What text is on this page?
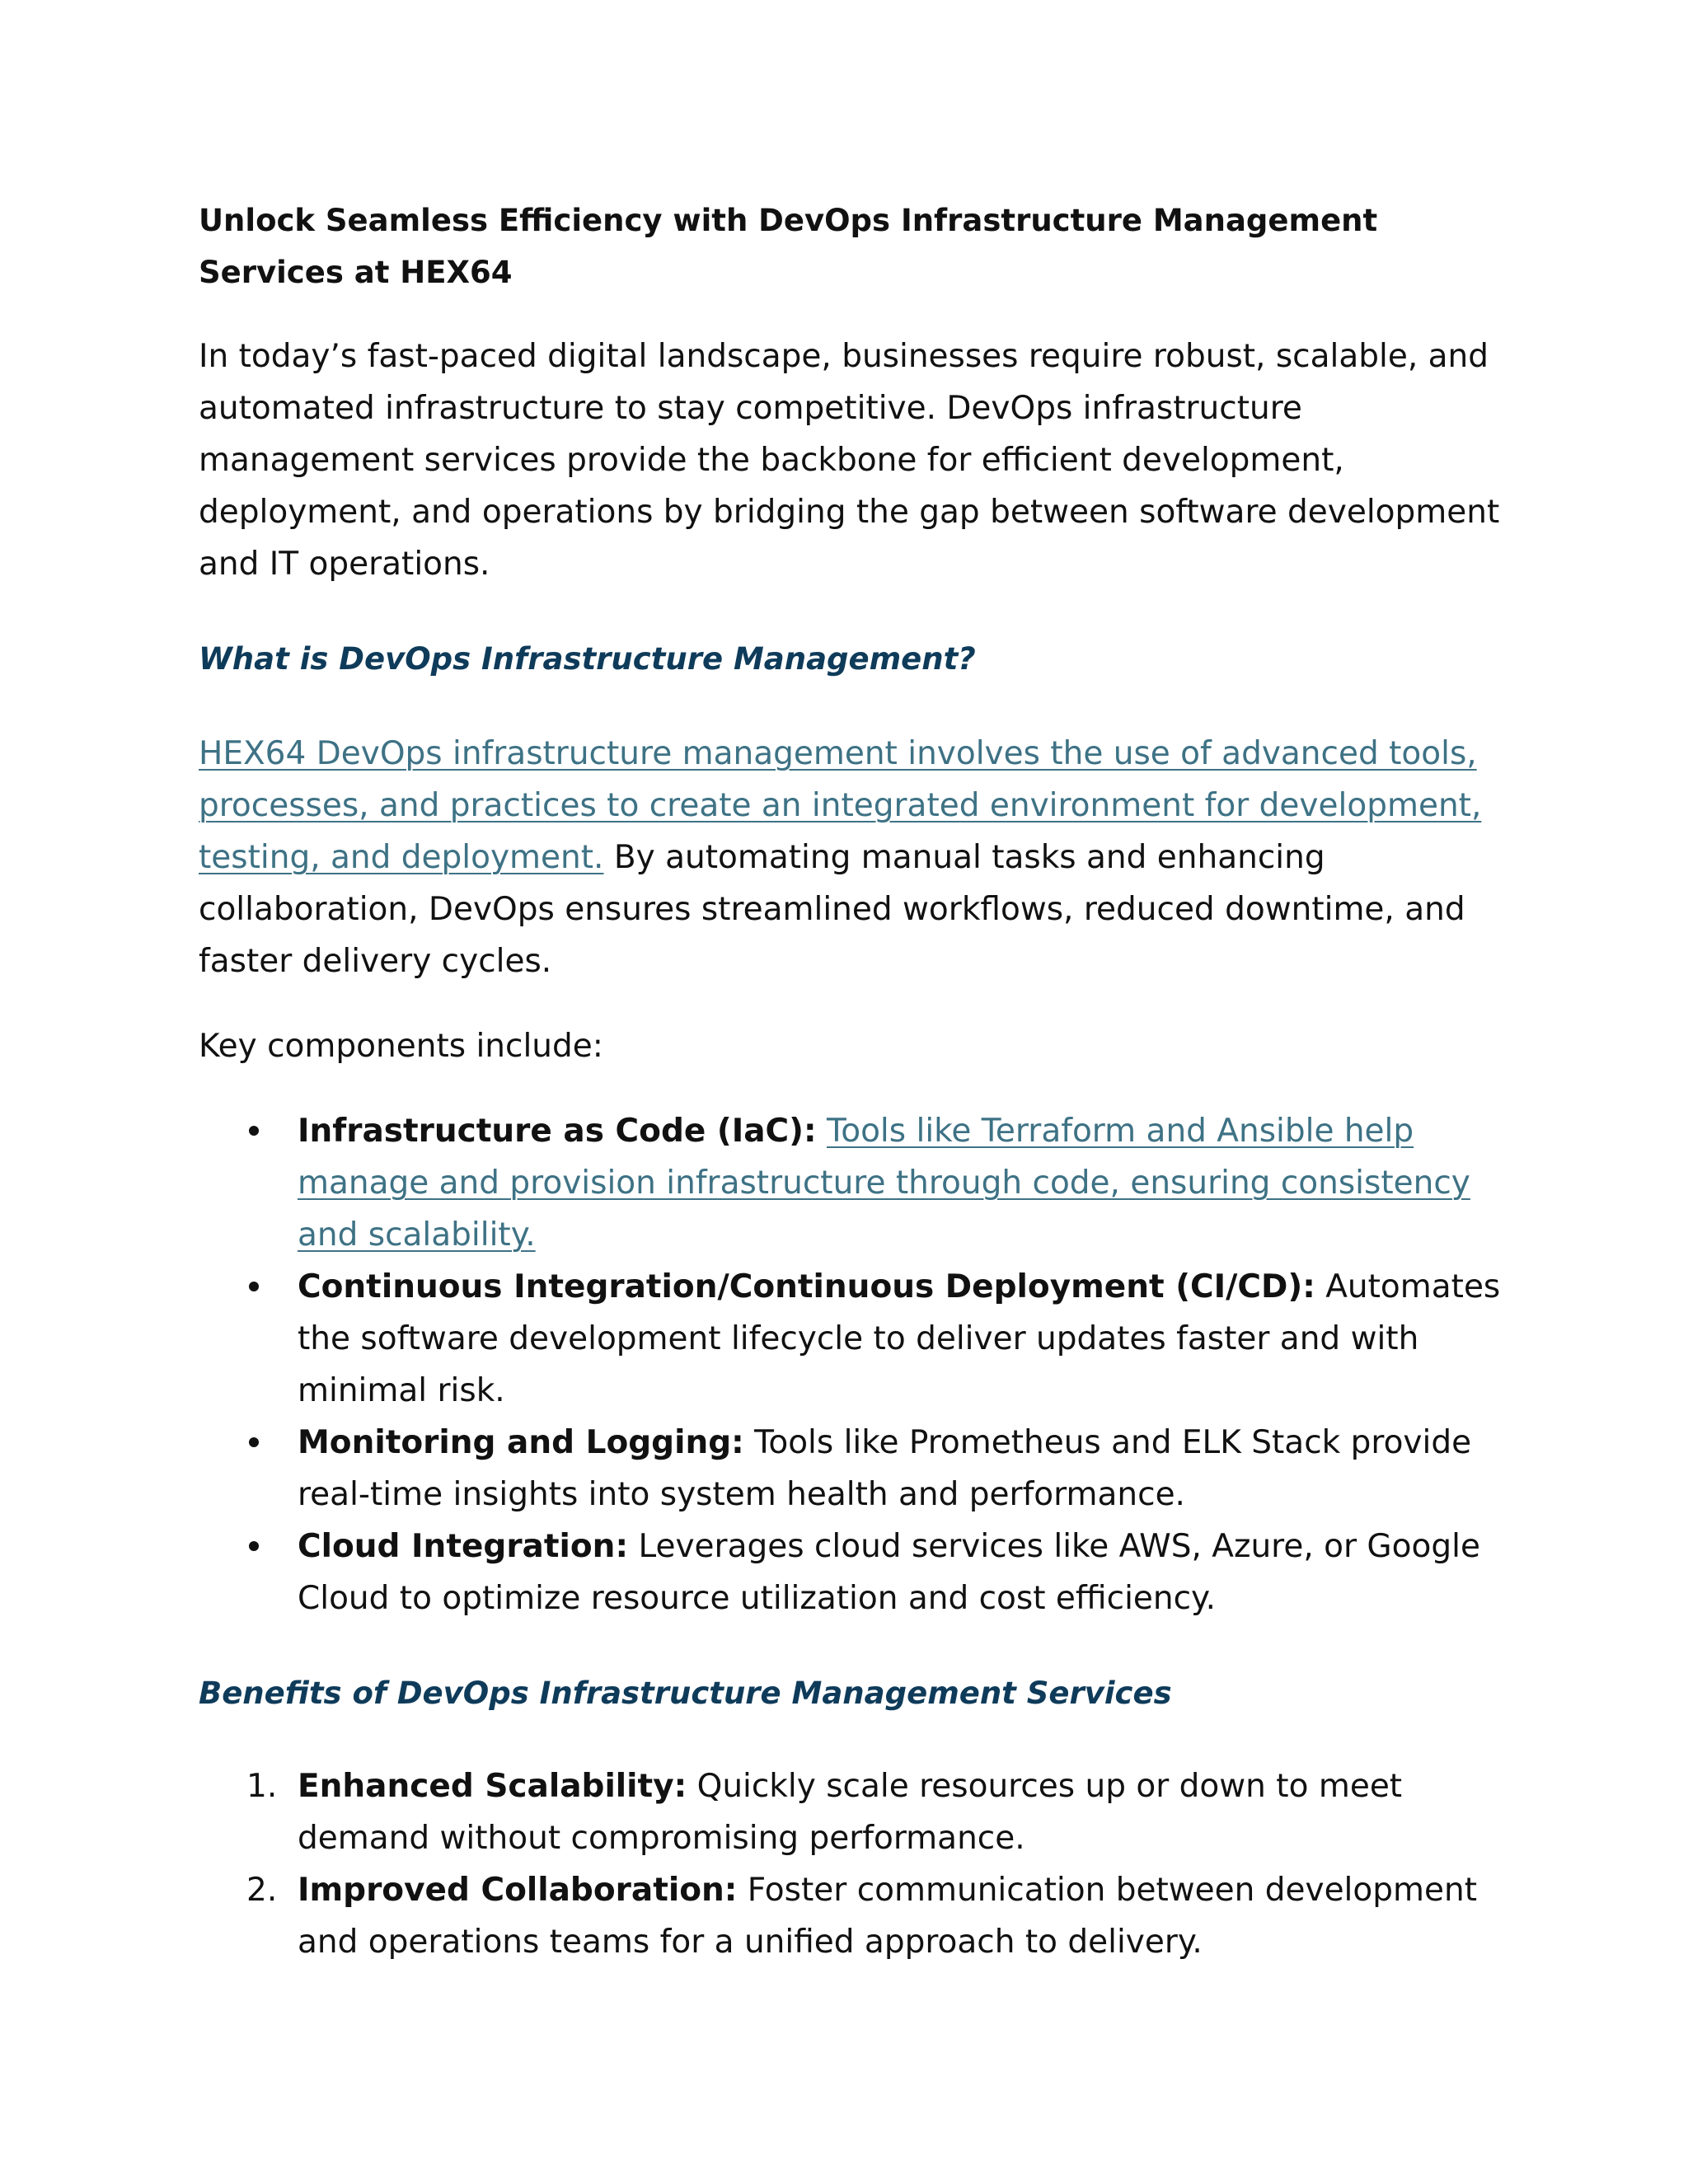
Unlock Seamless Efficiency with DevOps Infrastructure Management Services at HEX64

In today’s fast-paced digital landscape, businesses require robust, scalable, and automated infrastructure to stay competitive. DevOps infrastructure management services provide the backbone for efficient development, deployment, and operations by bridging the gap between software development and IT operations.

What is DevOps Infrastructure Management?

HEX64 DevOps infrastructure management involves the use of advanced tools, processes, and practices to create an integrated environment for development, testing, and deployment. By automating manual tasks and enhancing collaboration, DevOps ensures streamlined workflows, reduced downtime, and faster delivery cycles.

Key components include:

Infrastructure as Code (IaC): Tools like Terraform and Ansible help manage and provision infrastructure through code, ensuring consistency and scalability.
Continuous Integration/Continuous Deployment (CI/CD): Automates the software development lifecycle to deliver updates faster and with minimal risk.
Monitoring and Logging: Tools like Prometheus and ELK Stack provide real-time insights into system health and performance.
Cloud Integration: Leverages cloud services like AWS, Azure, or Google Cloud to optimize resource utilization and cost efficiency.
Benefits of DevOps Infrastructure Management Services
1. Enhanced Scalability: Quickly scale resources up or down to meet demand without compromising performance.
2. Improved Collaboration: Foster communication between development and operations teams for a unified approach to delivery.
